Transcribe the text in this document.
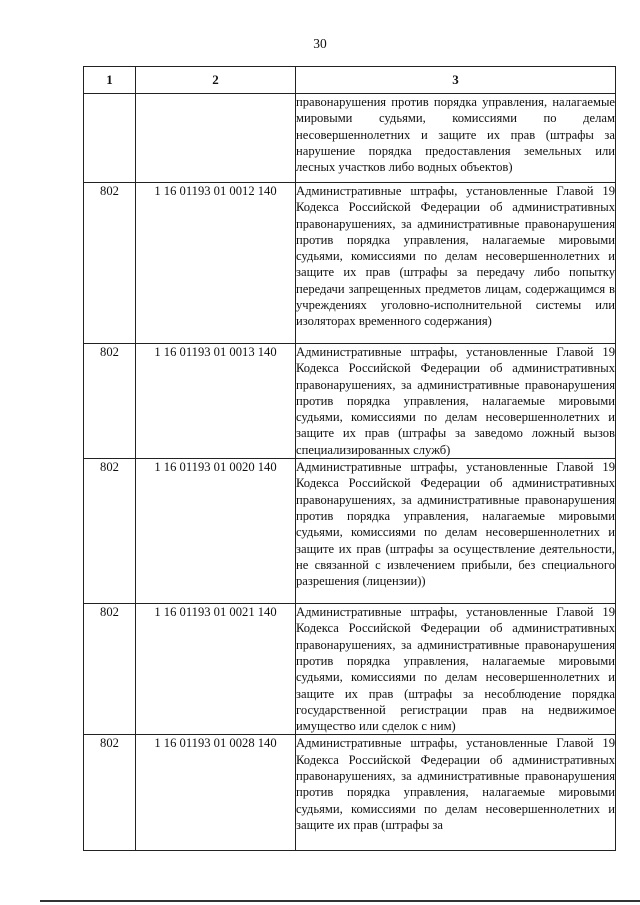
30
1	2	3
		правонарушения против порядка управления, налагаемые мировыми судьями, комиссиями по делам несовершеннолетних и защите их прав (штрафы за нарушение порядка предоставления земельных или лесных участков либо водных объектов)
802	1 16 01193 01 0012 140	Административные штрафы, установленные Главой 19 Кодекса Российской Федерации об административных правонарушениях, за административные правонарушения против порядка управления, налагаемые мировыми судьями, комиссиями по делам несовершеннолетних и защите их прав (штрафы за передачу либо попытку передачи запрещенных предметов лицам, содержащимся в учреждениях уголовно-исполнительной системы или изоляторах временного содержания)
802	1 16 01193 01 0013 140	Административные штрафы, установленные Главой 19 Кодекса Российской Федерации об административных правонарушениях, за административные правонарушения против порядка управления, налагаемые мировыми судьями, комиссиями по делам несовершеннолетних и защите их прав (штрафы за заведомо ложный вызов специализированных служб)
802	1 16 01193 01 0020 140	Административные штрафы, установленные Главой 19 Кодекса Российской Федерации об административных правонарушениях, за административные правонарушения против порядка управления, налагаемые мировыми судьями, комиссиями по делам несовершеннолетних и защите их прав (штрафы за осуществление деятельности, не связанной с извлечением прибыли, без специального разрешения (лицензии))
802	1 16 01193 01 0021 140	Административные штрафы, установленные Главой 19 Кодекса Российской Федерации об административных правонарушениях, за административные правонарушения против порядка управления, налагаемые мировыми судьями, комиссиями по делам несовершеннолетних и защите их прав (штрафы за несоблюдение порядка государственной регистрации прав на недвижимое имущество или сделок с ним)
802	1 16 01193 01 0028 140	Административные штрафы, установленные Главой 19 Кодекса Российской Федерации об административных правонарушениях, за административные правонарушения против порядка управления, налагаемые мировыми судьями, комиссиями по делам несовершеннолетних и защите их прав (штрафы за
